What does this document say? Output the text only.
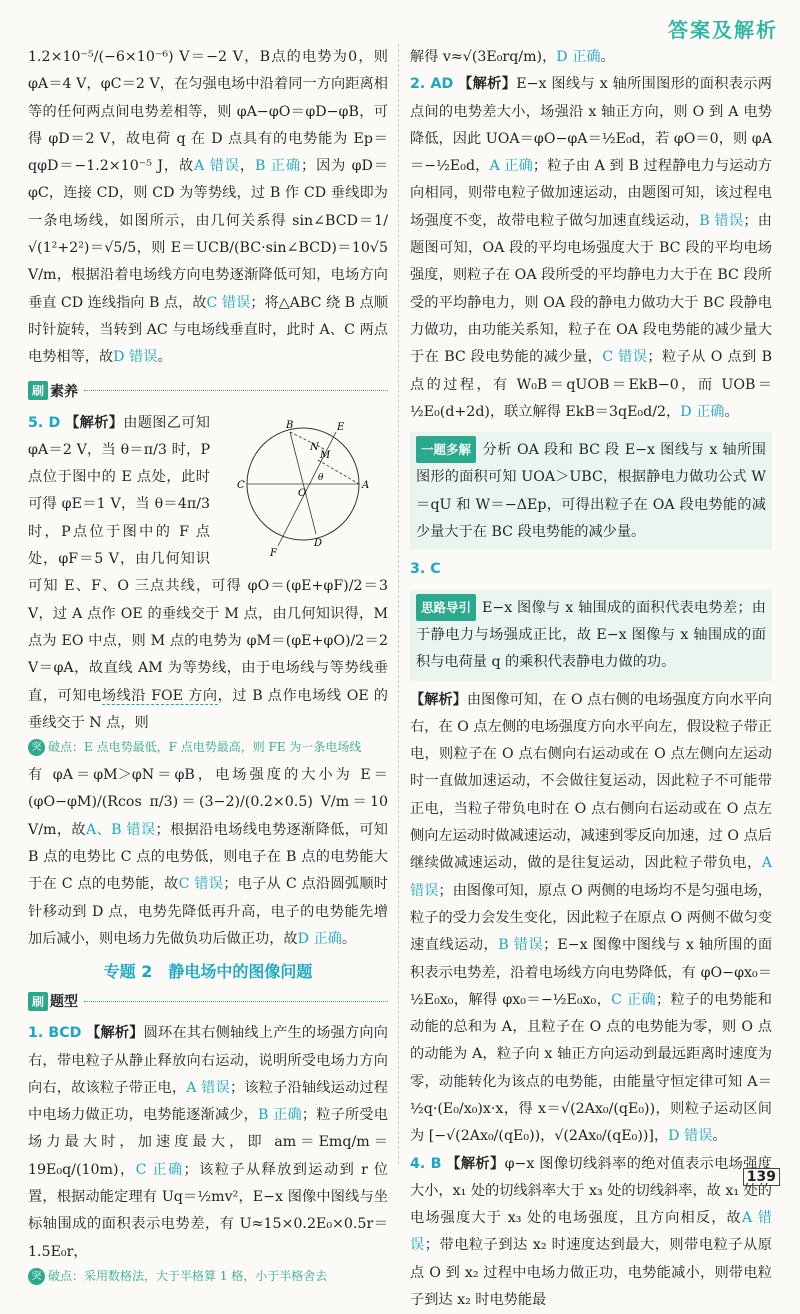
答案及解析

1.2×10⁻⁵/(−6×10⁻⁶) V＝−2 V，B点的电势为0，则 φA＝4 V，φC＝2 V，在匀强电场中沿着同一方向距离相等的任何两点间电势差相等，则 φA−φO＝φD−φB，可得 φD＝2 V，故电荷 q 在 D 点具有的电势能为 Ep＝qφD＝−1.2×10⁻⁵ J，故A 错误，B 正确；因为 φD＝φC，连接 CD，则 CD 为等势线，过 B 作 CD 垂线即为一条电场线，如图所示，由几何关系得 sin∠BCD＝1/√(1²+2²)＝√5/5，则 E＝UCB/(BC·sin∠BCD)＝10√5 V/m，根据沿着电场线方向电势逐渐降低可知，电场方向垂直 CD 连线指向 B 点，故C 错误；将△ABC 绕 B 点顺时针旋转，当转到 AC 与电场线垂直时，此时 A、C 两点电势相等，故D 错误。

刷 素养
B	E
M
N
O
C	A
F
D
θ

5. D 【解析】由题图乙可知 φA＝2 V，当 θ＝π/3 时，P点位于图中的 E 点处，此时可得 φE＝1 V，当 θ＝4π/3 时，P点位于图中的 F 点处，φF＝5 V，由几何知识可知 E、F、O 三点共线，可得 φO＝(φE+φF)/2＝3 V，过 A 点作 OE 的垂线交于 M 点，由几何知识得，M 点为 EO 中点，则 M 点的电势为 φM＝(φE+φO)/2＝2 V＝φA，故直线 AM 为等势线，由于电场线与等势线垂直，可知电场线沿 FOE 方向，过 B 点作电场线 OE 的垂线交于 N 点，则

突 破点：E 点电势最低，F 点电势最高，则 FE 为一条电场线

有 φA＝φM＞φN＝φB，电场强度的大小为 E＝(φO−φM)/(Rcos π/3)＝(3−2)/(0.2×0.5) V/m＝10 V/m，故A、B 错误；根据沿电场线电势逐渐降低，可知 B 点的电势比 C 点的电势低，则电子在 B 点的电势能大于在 C 点的电势能，故C 错误；电子从 C 点沿圆弧顺时针移动到 D 点，电势先降低再升高，电子的电势能先增加后减小，则电场力先做负功后做正功，故D 正确。

专题 2　静电场中的图像问题
刷 题型

1. BCD 【解析】圆环在其右侧轴线上产生的场强方向向右，带电粒子从静止释放向右运动，说明所受电场力方向向右，故该粒子带正电，A 错误；该粒子沿轴线运动过程中电场力做正功，电势能逐渐减少，B 正确；粒子所受电场力最大时，加速度最大，即 am＝Emq/m＝19E₀q/(10m)，C 正确；该粒子从释放到运动到 r 位置，根据动能定理有 Uq＝½mv²，E−x 图像中图线与坐标轴围成的面积表示电势差，有 U≈15×0.2E₀×0.5r＝1.5E₀r，

突 破点：采用数格法，大于半格算 1 格，小于半格舍去

解得 v≈√(3E₀rq/m)，D 正确。

2. AD 【解析】E−x 图线与 x 轴所围图形的面积表示两点间的电势差大小，场强沿 x 轴正方向，则 O 到 A 电势降低，因此 UOA＝φO−φA＝½E₀d，若 φO＝0，则 φA＝−½E₀d，A 正确；粒子由 A 到 B 过程静电力与运动方向相同，则带电粒子做加速运动，由题图可知，该过程电场强度不变，故带电粒子做匀加速直线运动，B 错误；由题图可知，OA 段的平均电场强度大于 BC 段的平均电场强度，则粒子在 OA 段所受的平均静电力大于在 BC 段所受的平均静电力，则 OA 段的静电力做功大于 BC 段静电力做功，由功能关系知，粒子在 OA 段电势能的减少量大于在 BC 段电势能的减少量，C 错误；粒子从 O 点到 B 点的过程，有 W₀B＝qUOB＝EkB−0，而 UOB＝½E₀(d+2d)，联立解得 EkB＝3qE₀d/2，D 正确。

一题多解 分析 OA 段和 BC 段 E−x 图线与 x 轴所围图形的面积可知 UOA＞UBC，根据静电力做功公式 W＝qU 和 W＝−ΔEp，可得出粒子在 OA 段电势能的减少量大于在 BC 段电势能的减少量。

3. C

思路导引 E−x 图像与 x 轴围成的面积代表电势差；由于静电力与场强成正比，故 E−x 图像与 x 轴围成的面积与电荷量 q 的乘积代表静电力做的功。

【解析】由图像可知，在 O 点右侧的电场强度方向水平向右，在 O 点左侧的电场强度方向水平向左，假设粒子带正电，则粒子在 O 点右侧向右运动或在 O 点左侧向左运动时一直做加速运动，不会做往复运动，因此粒子不可能带正电，当粒子带负电时在 O 点右侧向右运动或在 O 点左侧向左运动时做减速运动，减速到零反向加速，过 O 点后继续做减速运动，做的是往复运动，因此粒子带负电，A 错误；由图像可知，原点 O 两侧的电场均不是匀强电场，粒子的受力会发生变化，因此粒子在原点 O 两侧不做匀变速直线运动，B 错误；E−x 图像中图线与 x 轴所围的面积表示电势差，沿着电场线方向电势降低，有 φO−φx₀＝½E₀x₀，解得 φx₀＝−½E₀x₀，C 正确；粒子的电势能和动能的总和为 A，且粒子在 O 点的电势能为零，则 O 点的动能为 A，粒子向 x 轴正方向运动到最远距离时速度为零，动能转化为该点的电势能，由能量守恒定律可知 A＝½q·(E₀/x₀)x·x，得 x＝√(2Ax₀/(qE₀))，则粒子运动区间为 [−√(2Ax₀/(qE₀))，√(2Ax₀/(qE₀))]，D 错误。

4. B 【解析】φ−x 图像切线斜率的绝对值表示电场强度大小，x₁ 处的切线斜率大于 x₃ 处的切线斜率，故 x₁ 处的电场强度大于 x₃ 处的电场强度，且方向相反，故A 错误；带电粒子到达 x₂ 时速度达到最大，则带电粒子从原点 O 到 x₂ 过程中电场力做正功，电势能减小，则带电粒子到达 x₂ 时电势能最

139
